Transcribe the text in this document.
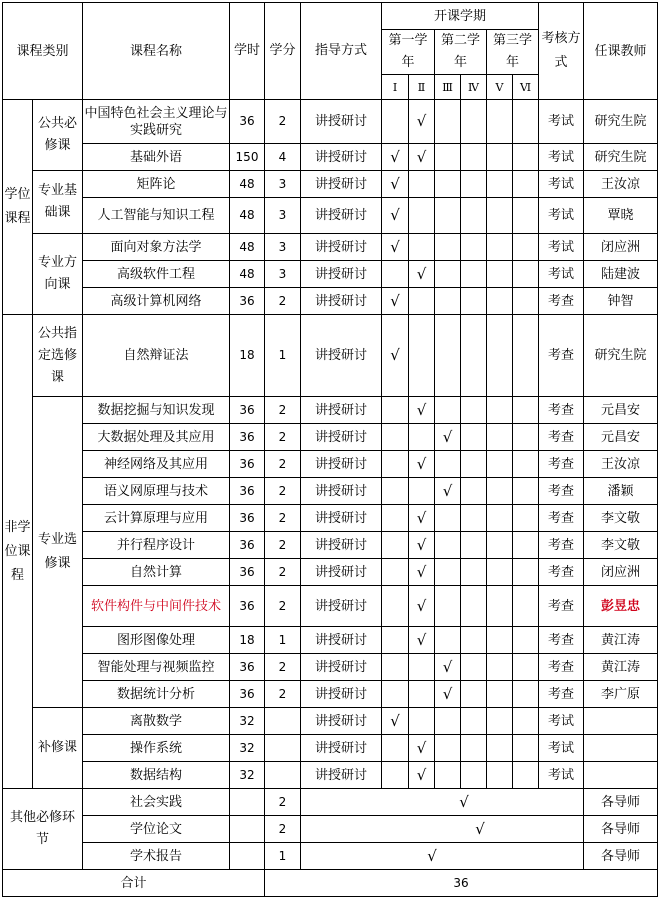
课程类别		课程名称	学时	学分	指导方式	开课学期						考核方式	任课教师
						第一学年		第二学年		第三学年			
						Ⅰ	Ⅱ	Ⅲ	Ⅳ	Ⅴ	Ⅵ		
学位课程	公共必修课	中国特色社会主义理论与实践研究	36	2	讲授研讨		√					考试	研究生院
		基础外语	150	4	讲授研讨	√	√					考试	研究生院
	专业基础课	矩阵论	48	3	讲授研讨	√						考试	王汝凉
		人工智能与知识工程	48	3	讲授研讨	√						考试	覃晓
	专业方向课	面向对象方法学	48	3	讲授研讨	√						考试	闭应洲
		高级软件工程	48	3	讲授研讨		√					考试	陆建波
		高级计算机网络	36	2	讲授研讨	√						考查	钟智
非学位课程	公共指定选修课	自然辩证法	18	1	讲授研讨	√						考查	研究生院
	专业选修课	数据挖掘与知识发现	36	2	讲授研讨		√					考查	元昌安
		大数据处理及其应用	36	2	讲授研讨			√				考查	元昌安
		神经网络及其应用	36	2	讲授研讨		√					考查	王汝凉
		语义网原理与技术	36	2	讲授研讨			√				考查	潘颖
		云计算原理与应用	36	2	讲授研讨		√					考查	李文敬
		并行程序设计	36	2	讲授研讨		√					考查	李文敬
		自然计算	36	2	讲授研讨		√					考查	闭应洲
		软件构件与中间件技术	36	2	讲授研讨		√					考查	彭昱忠
		图形图像处理	18	1	讲授研讨		√					考查	黄江涛
		智能处理与视频监控	36	2	讲授研讨			√				考查	黄江涛
		数据统计分析	36	2	讲授研讨			√				考查	李广原
	补修课	离散数学	32		讲授研讨	√						考试	
		操作系统	32		讲授研讨		√					考试	
		数据结构	32		讲授研讨		√					考试	
其他必修环节		社会实践		2	√								各导师
		学位论文		2	√								各导师
		学术报告		1	√								各导师
合计				36									
